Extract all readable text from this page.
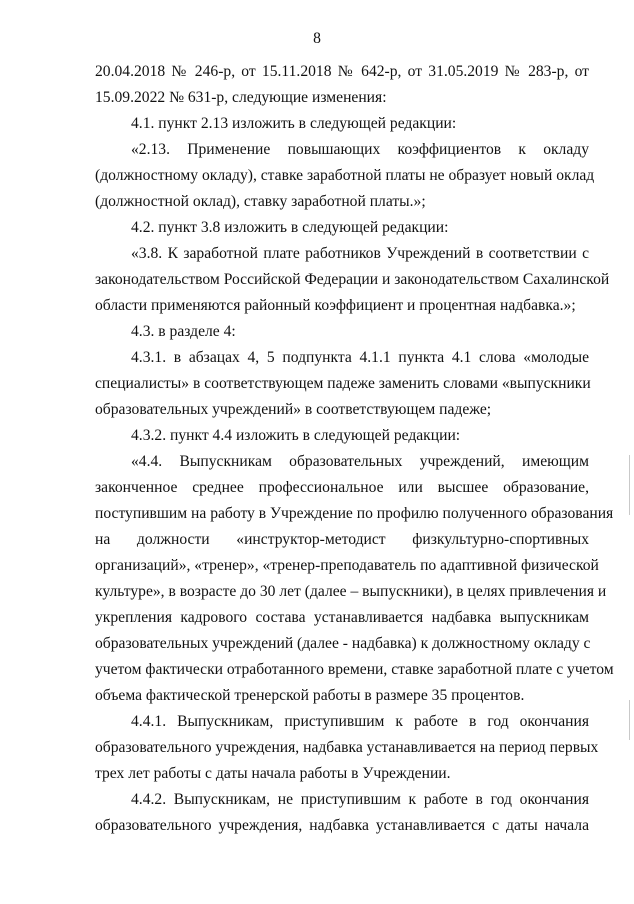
8
20.04.2018 № 246-р, от 15.11.2018 № 642-р, от 31.05.2019 № 283-р, от
15.09.2022 № 631-р, следующие изменения:
4.1. пункт 2.13 изложить в следующей редакции:
«2.13. Применение повышающих коэффициентов к окладу
(должностному окладу), ставке заработной платы не образует новый оклад
(должностной оклад), ставку заработной платы.»;
4.2. пункт 3.8 изложить в следующей редакции:
«3.8. К заработной плате работников Учреждений в соответствии с
законодательством Российской Федерации и законодательством Сахалинской
области применяются районный коэффициент и процентная надбавка.»;
4.3. в разделе 4:
4.3.1. в абзацах 4, 5 подпункта 4.1.1 пункта 4.1 слова «молодые
специалисты» в соответствующем падеже заменить словами «выпускники
образовательных учреждений» в соответствующем падеже;
4.3.2. пункт 4.4 изложить в следующей редакции:
«4.4. Выпускникам образовательных учреждений, имеющим
законченное среднее профессиональное или высшее образование,
поступившим на работу в Учреждение по профилю полученного образования
на должности «инструктор-методист физкультурно-спортивных
организаций», «тренер», «тренер-преподаватель по адаптивной физической
культуре», в возрасте до 30 лет (далее – выпускники), в целях привлечения и
укрепления кадрового состава устанавливается надбавка выпускникам
образовательных учреждений (далее - надбавка) к должностному окладу с
учетом фактически отработанного времени, ставке заработной плате с учетом
объема фактической тренерской работы в размере 35 процентов.
4.4.1. Выпускникам, приступившим к работе в год окончания
образовательного учреждения, надбавка устанавливается на период первых
трех лет работы с даты начала работы в Учреждении.
4.4.2. Выпускникам, не приступившим к работе в год окончания
образовательного учреждения, надбавка устанавливается с даты начала
